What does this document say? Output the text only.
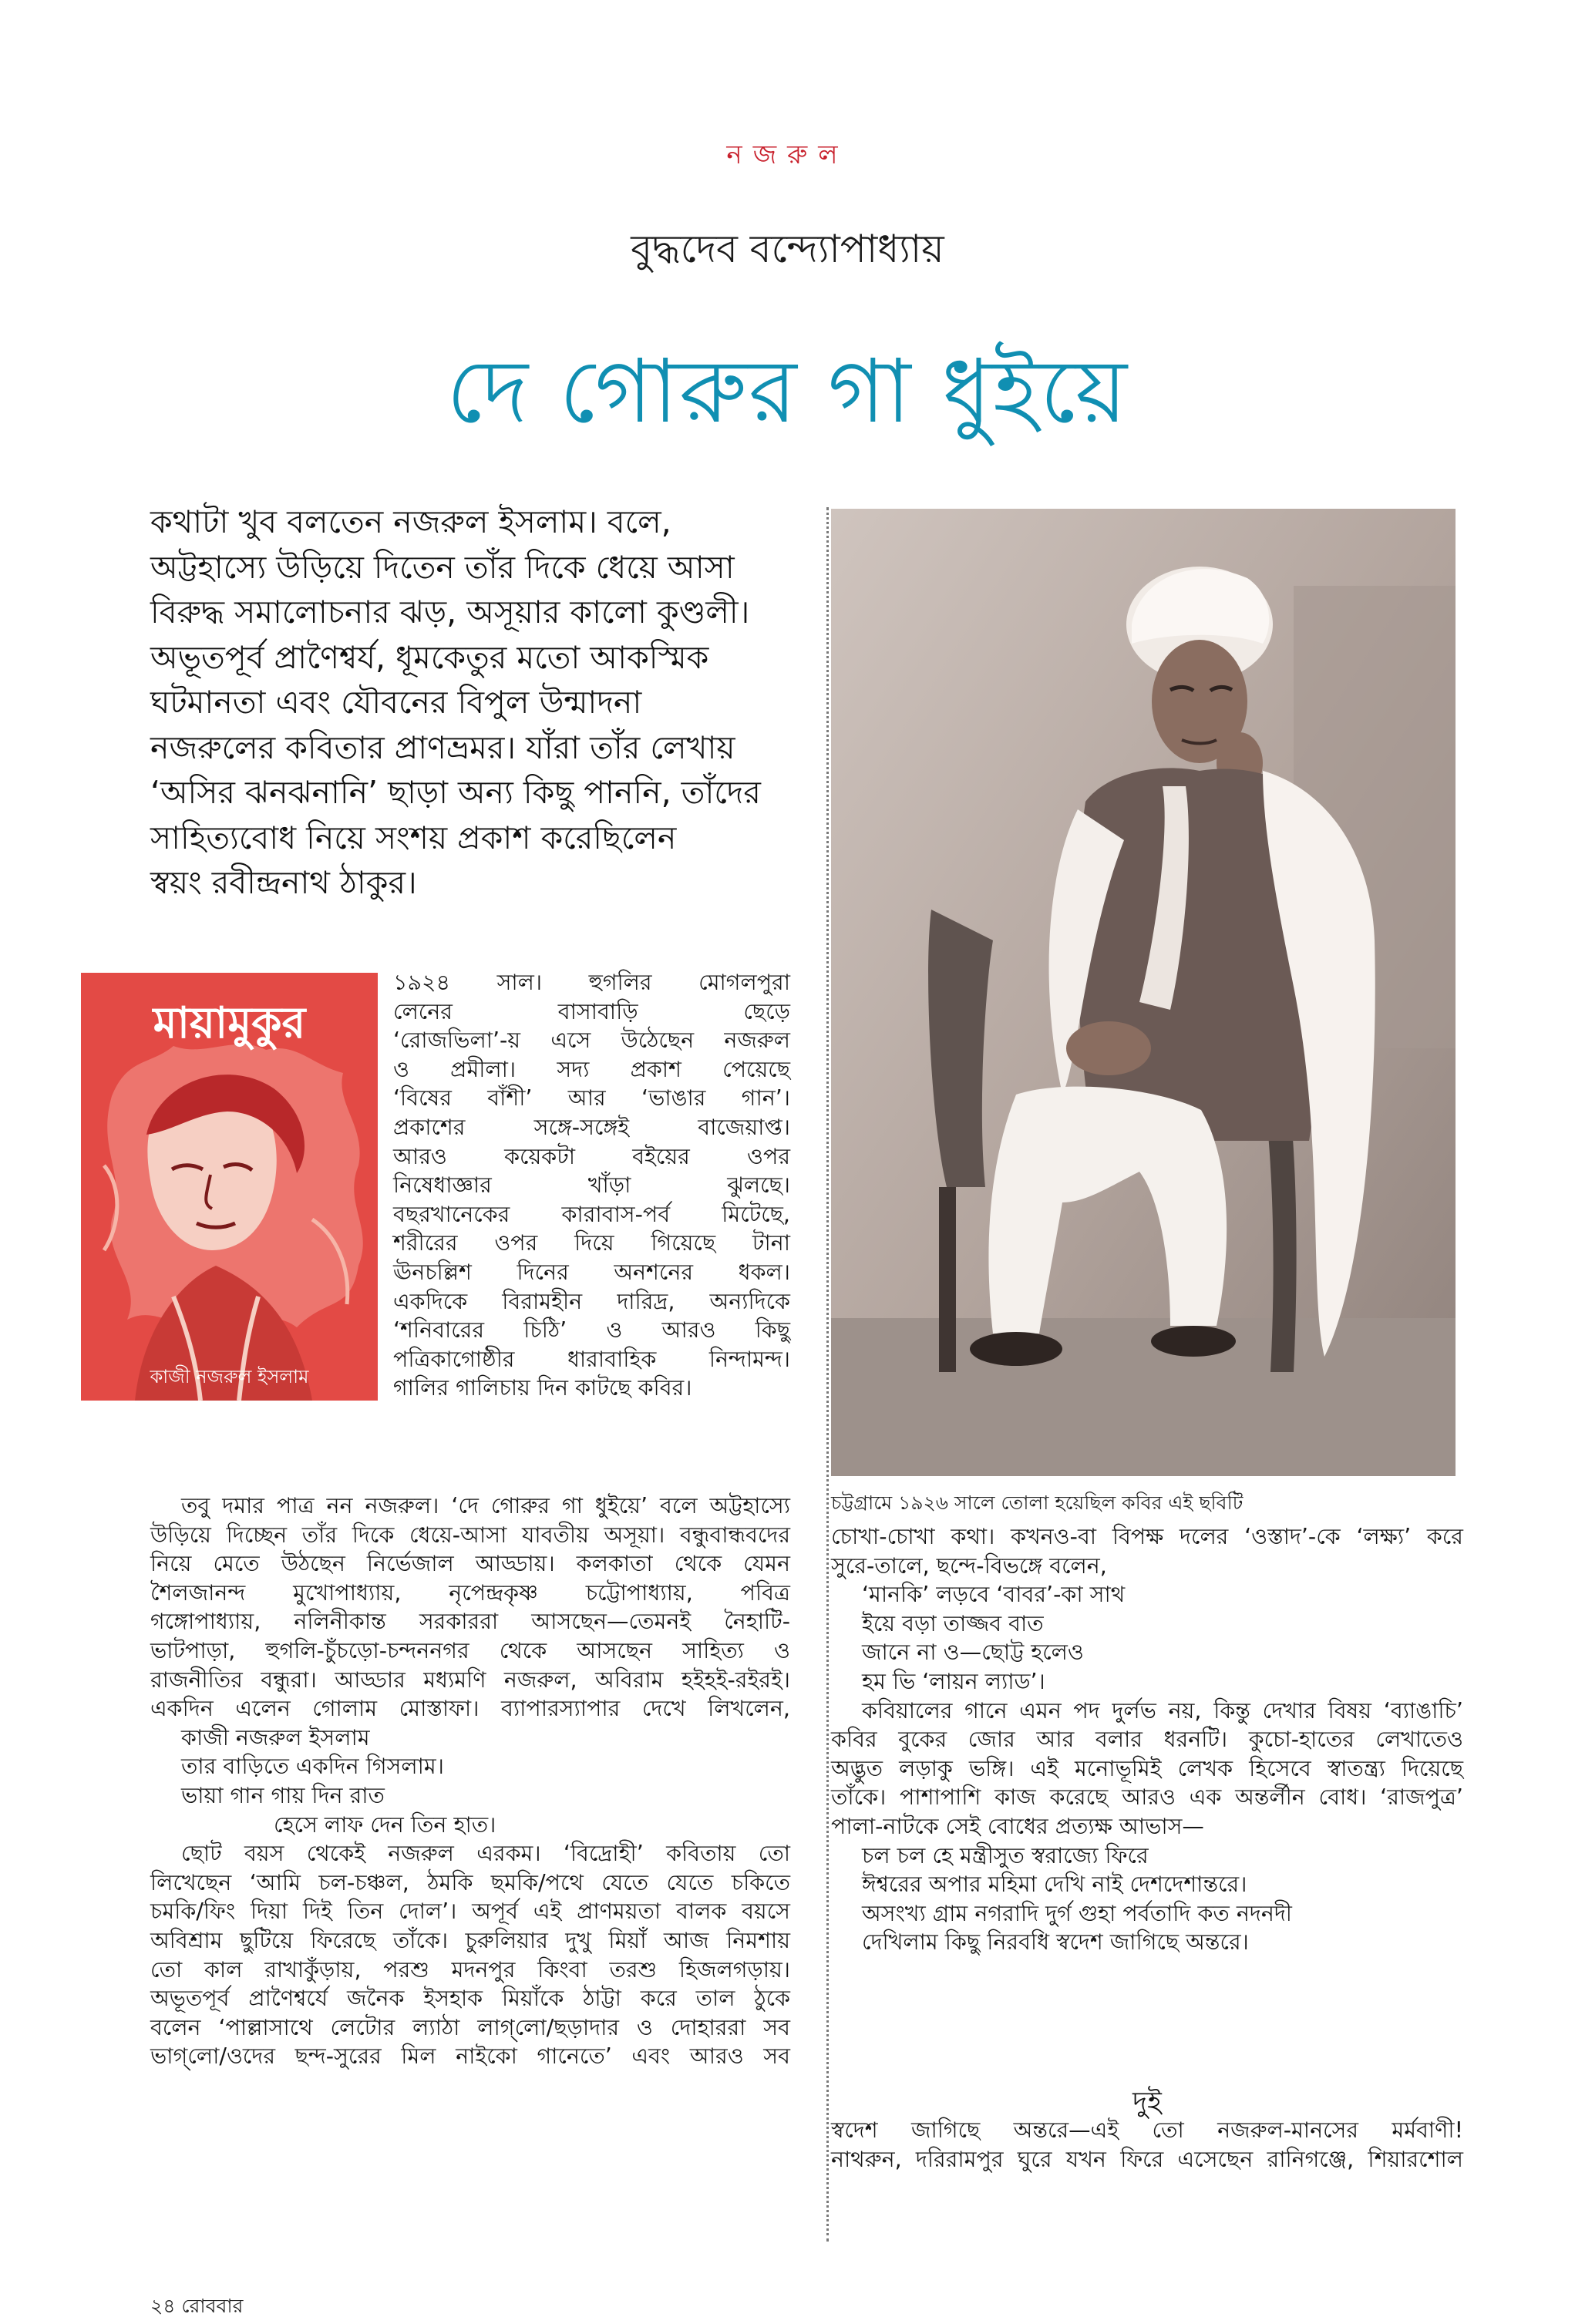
নজরুল
বুদ্ধদেব বন্দ্যোপাধ্যায়
দে গোরুর গা ধুইয়ে
কথাটা খুব বলতেন নজরুল ইসলাম। বলে,
অট্টহাস্যে উড়িয়ে দিতেন তাঁর দিকে ধেয়ে আসা
বিরুদ্ধ সমালোচনার ঝড়, অসূয়ার কালো কুণ্ডলী।
অভূতপূর্ব প্রাণৈশ্বর্য, ধূমকেতুর মতো আকস্মিক
ঘটমানতা এবং যৌবনের বিপুল উন্মাদনা
নজরুলের কবিতার প্রাণভ্রমর। যাঁরা তাঁর লেখায়
‘অসির ঝনঝনানি’ ছাড়া অন্য কিছু পাননি, তাঁদের
সাহিত্যবোধ নিয়ে সংশয় প্রকাশ করেছিলেন
স্বয়ং রবীন্দ্রনাথ ঠাকুর।
মায়ামুকুর
কাজী নজরুল ইসলাম
চট্টগ্রামে ১৯২৬ সালে তোলা হয়েছিল কবির এই ছবিটি
১৯২৪ সাল। হুগলির মোগলপুরা
লেনের বাসাবাড়ি ছেড়ে
‘রোজভিলা’-য় এসে উঠেছেন নজরুল
ও প্রমীলা। সদ্য প্রকাশ পেয়েছে
‘বিষের বাঁশী’ আর ‘ভাঙার গান’।
প্রকাশের সঙ্গে-সঙ্গেই বাজেয়াপ্ত।
আরও কয়েকটা বইয়ের ওপর
নিষেধাজ্ঞার খাঁড়া ঝুলছে।
বছরখানেকের কারাবাস-পর্ব মিটেছে,
শরীরের ওপর দিয়ে গিয়েছে টানা
ঊনচল্লিশ দিনের অনশনের ধকল।
একদিকে বিরামহীন দারিদ্র, অন্যদিকে
‘শনিবারের চিঠি’ ও আরও কিছু
পত্রিকাগোষ্ঠীর ধারাবাহিক নিন্দামন্দ।
গালির গালিচায় দিন কাটছে কবির।
তবু দমার পাত্র নন নজরুল। ‘দে গোরুর গা ধুইয়ে’ বলে অট্টহাস্যে
উড়িয়ে দিচ্ছেন তাঁর দিকে ধেয়ে-আসা যাবতীয় অসূয়া। বন্ধুবান্ধবদের
নিয়ে মেতে উঠছেন নির্ভেজাল আড্ডায়। কলকাতা থেকে যেমন
শৈলজানন্দ মুখোপাধ্যায়, নৃপেন্দ্রকৃষ্ণ চট্টোপাধ্যায়, পবিত্র
গঙ্গোপাধ্যায়, নলিনীকান্ত সরকাররা আসছেন—তেমনই নৈহাটি-
ভাটপাড়া, হুগলি-চুঁচড়ো-চন্দননগর থেকে আসছেন সাহিত্য ও
রাজনীতির বন্ধুরা। আড্ডার মধ্যমণি নজরুল, অবিরাম হইহই-রইরই।
একদিন এলেন গোলাম মোস্তাফা। ব্যাপারস্যাপার দেখে লিখলেন,
কাজী নজরুল ইসলাম
তার বাড়িতে একদিন গিসলাম।
ভায়া গান গায় দিন রাত
হেসে লাফ দেন তিন হাত।
ছোট বয়স থেকেই নজরুল এরকম। ‘বিদ্রোহী’ কবিতায় তো
লিখেছেন ‘আমি চল-চঞ্চল, ঠমকি ছমকি/পথে যেতে যেতে চকিতে
চমকি/ফিং দিয়া দিই তিন দোল’। অপূর্ব এই প্রাণময়তা বালক বয়সে
অবিশ্রাম ছুটিয়ে ফিরেছে তাঁকে। চুরুলিয়ার দুখু মিয়াঁ আজ নিমশায়
তো কাল রাখাকুঁড়ায়, পরশু মদনপুর কিংবা তরশু হিজলগড়ায়।
অভূতপূর্ব প্রাণৈশ্বর্যে জনৈক ইসহাক মিয়াঁকে ঠাট্টা করে তাল ঠুকে
বলেন ‘পাল্লাসাথে লেটোর ল্যাঠা লাগ্‌লো/ছড়াদার ও দোহাররা সব
ভাগ্‌লো/ওদের ছন্দ-সুরের মিল নাইকো গানেতে’ এবং আরও সব
চোখা-চোখা কথা। কখনও-বা বিপক্ষ দলের ‘ওস্তাদ’-কে ‘লক্ষ্য’ করে
সুরে-তালে, ছন্দে-বিভঙ্গে বলেন,
‘মানকি’ লড়বে ‘বাবর’-কা সাথ
ইয়ে বড়া তাজ্জব বাত
জানে না ও—ছোট্ট হলেও
হম ভি ‘লায়ন ল্যাড’।
কবিয়ালের গানে এমন পদ দুর্লভ নয়, কিন্তু দেখার বিষয় ‘ব্যাঙাচি’
কবির বুকের জোর আর বলার ধরনটি। কুচো-হাতের লেখাতেও
অদ্ভুত লড়াকু ভঙ্গি। এই মনোভূমিই লেখক হিসেবে স্বাতন্ত্র্য দিয়েছে
তাঁকে। পাশাপাশি কাজ করেছে আরও এক অন্তর্লীন বোধ। ‘রাজপুত্র’
পালা-নাটকে সেই বোধের প্রত্যক্ষ আভাস—
চল চল হে মন্ত্রীসুত স্বরাজ্যে ফিরে
ঈশ্বরের অপার মহিমা দেখি নাই দেশদেশান্তরে।
অসংখ্য গ্রাম নগরাদি দুর্গ গুহা পর্বতাদি কত নদনদী
দেখিলাম কিছু নিরবধি স্বদেশ জাগিছে অন্তরে।
দুই
স্বদেশ জাগিছে অন্তরে—এই তো নজরুল-মানসের মর্মবাণী!
নাথরুন, দরিরামপুর ঘুরে যখন ফিরে এসেছেন রানিগঞ্জে, শিয়ারশোল
২৪ রোববার
